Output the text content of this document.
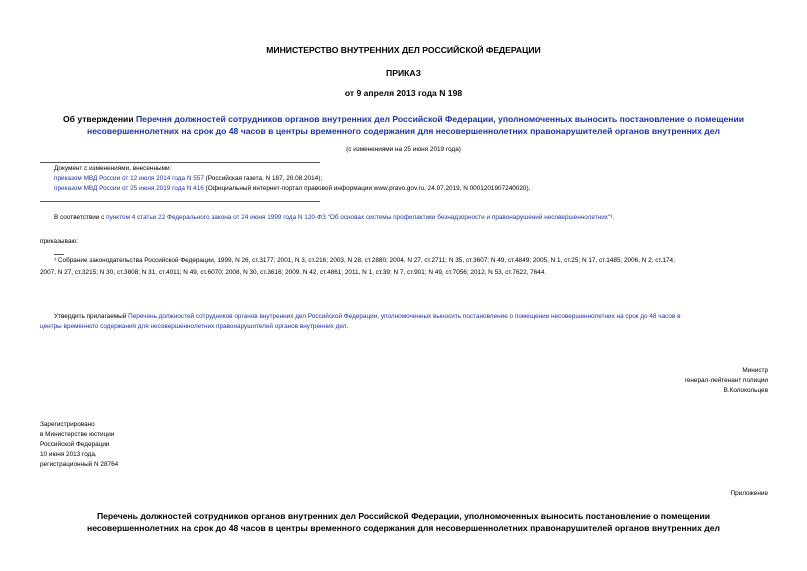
МИНИСТЕРСТВО ВНУТРЕННИХ ДЕЛ РОССИЙСКОЙ ФЕДЕРАЦИИ
ПРИКАЗ
от 9 апреля 2013 года N 198
Об утверждении Перечня должностей сотрудников органов внутренних дел Российской Федерации, уполномоченных выносить постановление о помещении
несовершеннолетних на срок до 48 часов в центры временного содержания для несовершеннолетних правонарушителей органов внутренних дел
(с изменениями на 25 июня 2019 года)
Документ с изменениями, внесенными:
приказом МВД России от 12 июля 2014 года N 557 (Российская газета, N 187, 20.08.2014);
приказом МВД России от 25 июня 2019 года N 416 (Официальный интернет-портал правовой информации www.pravo.gov.ru, 24.07.2019, N 0001201907240020).
В соответствии с пунктом 4 статьи 22 Федерального закона от 24 июня 1999 года N 120-ФЗ "Об основах системы профилактики безнадзорности и правонарушений несовершеннолетних"¹.
приказываю:
¹ Собрание законодательства Российской Федерации, 1999, N 26, ст.3177; 2001, N 3, ст.216; 2003, N 28, ст.2880; 2004, N 27, ст.2711; N 35, ст.3607; N 49, ст.4849; 2005, N 1, ст.25; N 17, ст.1485; 2006, N 2, ст.174;
2007, N 27, ст.3215; N 30, ст.3808; N 31, ст.4011; N 49, ст.6070; 2008, N 30, ст.3616; 2009, N 42, ст.4861; 2011, N 1, ст.39; N 7, ст.901; N 49, ст.7056; 2012, N 53, ст.7622, 7644.
Утвердить прилагаемый Перечень должностей сотрудников органов внутренних дел Российской Федерации, уполномоченных выносить постановление о помещении несовершеннолетних на срок до 48 часов в
центры временного содержания для несовершеннолетних правонарушителей органов внутренних дел.
Министр
генерал-лейтенант полиции
В.Колокольцев
Зарегистрировано
в Министерстве юстиции
Российской Федерации
10 июня 2013 года,
регистрационный N 28764
Приложение
Перечень должностей сотрудников органов внутренних дел Российской Федерации, уполномоченных выносить постановление о помещении
несовершеннолетних на срок до 48 часов в центры временного содержания для несовершеннолетних правонарушителей органов внутренних дел
